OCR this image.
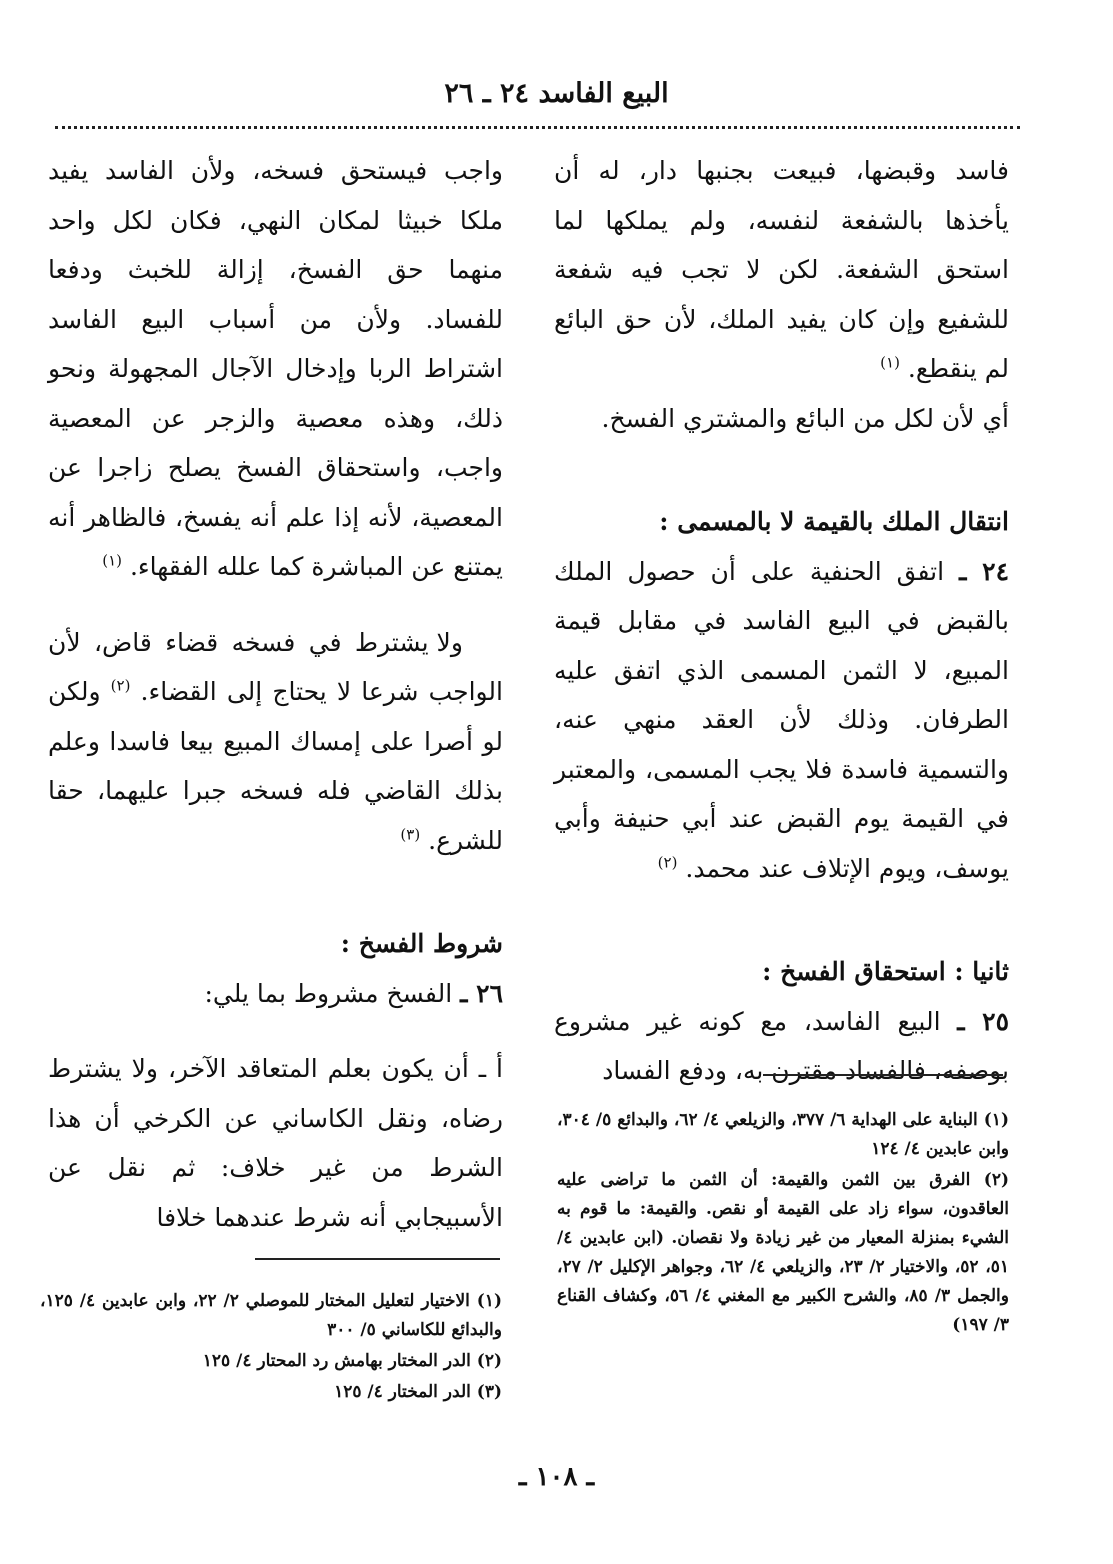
البيع الفاسد ٢٤ ـ ٢٦

فاسد وقبضها، فبيعت بجنبها دار، له أن يأخذها بالشفعة لنفسه، ولم يملكها لما استحق الشفعة. لكن لا تجب فيه شفعة للشفيع وإن كان يفيد الملك، لأن حق البائع لم ينقطع. $^{(١)}$

أي لأن لكل من البائع والمشتري الفسخ.

انتقال الملك بالقيمة لا بالمسمى :

٢٤ ـ اتفق الحنفية على أن حصول الملك بالقبض في البيع الفاسد في مقابل قيمة المبيع، لا الثمن المسمى الذي اتفق عليه الطرفان. وذلك لأن العقد منهي عنه، والتسمية فاسدة فلا يجب المسمى، والمعتبر في القيمة يوم القبض عند أبي حنيفة وأبي يوسف، ويوم الإتلاف عند محمد. $^{(٢)}$

ثانيا : استحقاق الفسخ :

٢٥ ـ البيع الفاسد، مع كونه غير مشروع بوصفه، فالفساد مقترن به، ودفع الفساد

واجب فيستحق فسخه، ولأن الفاسد يفيد ملكا خبيثا لمكان النهي، فكان لكل واحد منهما حق الفسخ، إزالة للخبث ودفعا للفساد. ولأن من أسباب البيع الفاسد اشتراط الربا وإدخال الآجال المجهولة ونحو ذلك، وهذه معصية والزجر عن المعصية واجب، واستحقاق الفسخ يصلح زاجرا عن المعصية، لأنه إذا علم أنه يفسخ، فالظاهر أنه يمتنع عن المباشرة كما علله الفقهاء. $^{(١)}$

ولا يشترط في فسخه قضاء قاض، لأن الواجب شرعا لا يحتاج إلى القضاء. $^{(٢)}$ ولكن لو أصرا على إمساك المبيع بيعا فاسدا وعلم بذلك القاضي فله فسخه جبرا عليهما، حقا للشرع. $^{(٣)}$

شروط الفسخ :

٢٦ ـ الفسخ مشروط بما يلي:

أ ـ أن يكون بعلم المتعاقد الآخر، ولا يشترط رضاه، ونقل الكاساني عن الكرخي أن هذا الشرط من غير خلاف: ثم نقل عن الأسبيجابي أنه شرط عندهما خلافا

(١) البناية على الهداية ٦/ ٣٧٧، والزيلعي ٤/ ٦٢، والبدائع ٥/ ٣٠٤، وابن عابدين ٤/ ١٢٤

(٢) الفرق بين الثمن والقيمة: أن الثمن ما تراضى عليه العاقدون، سواء زاد على القيمة أو نقص. والقيمة: ما قوم به الشيء بمنزلة المعيار من غير زيادة ولا نقصان. (ابن عابدين ٤/ ٥١، ٥٢، والاختيار ٢/ ٢٣، والزيلعي ٤/ ٦٢، وجواهر الإكليل ٢/ ٢٧، والجمل ٣/ ٨٥، والشرح الكبير مع المغني ٤/ ٥٦، وكشاف القناع ٣/ ١٩٧)

(١) الاختيار لتعليل المختار للموصلي ٢/ ٢٢، وابن عابدين ٤/ ١٢٥، والبدائع للكاساني ٥/ ٣٠٠

(٢) الدر المختار بهامش رد المحتار ٤/ ١٢٥

(٣) الدر المختار ٤/ ١٢٥

ـ ١٠٨ ـ
